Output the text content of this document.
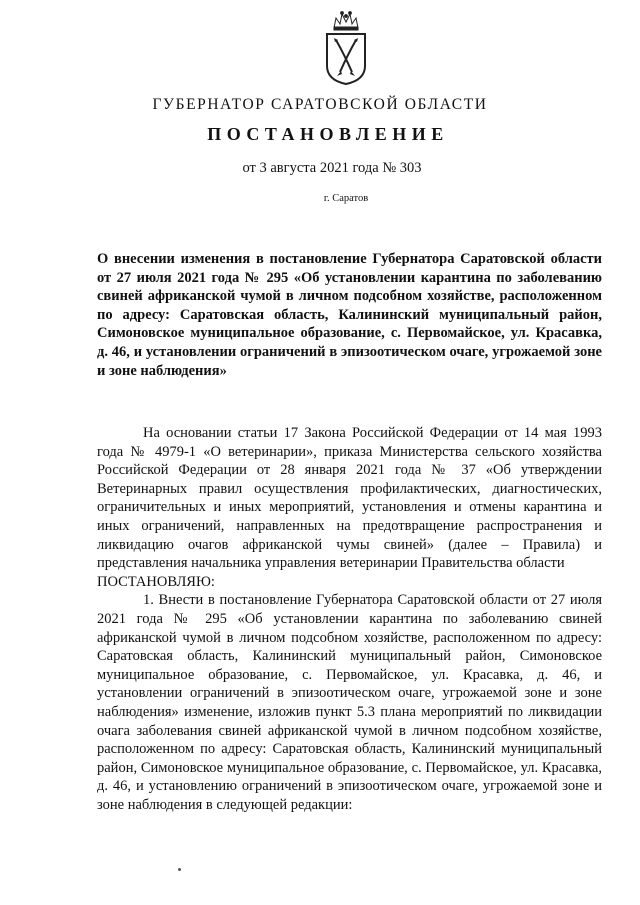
ГУБЕРНАТОР САРАТОВСКОЙ ОБЛАСТИ
ПОСТАНОВЛЕНИЕ
от 3 августа 2021 года № 303
г. Саратов
О внесении изменения в постановление Губернатора Саратовской области от 27 июля 2021 года № 295 «Об установлении карантина по заболеванию свиней африканской чумой в личном подсобном хозяйстве, расположенном по адресу: Саратовская область, Калининский муниципальный район, Симоновское муниципальное образование, с. Первомайское, ул. Красавка, д. 46, и установлении ограничений в эпизоотическом очаге, угрожаемой зоне и зоне наблюдения»

На основании статьи 17 Закона Российской Федерации от 14 мая 1993 года № 4979-1 «О ветеринарии», приказа Министерства сельского хозяйства Российской Федерации от 28 января 2021 года № 37 «Об утверждении Ветеринарных правил осуществления профилактических, диагностических, ограничительных и иных мероприятий, установления и отмены карантина и иных ограничений, направленных на предотвращение распространения и ликвидацию очагов африканской чумы свиней» (далее – Правила) и представления начальника управления ветеринарии Правительства области

ПОСТАНОВЛЯЮ:

1. Внести в постановление Губернатора Саратовской области от 27 июля 2021 года № 295 «Об установлении карантина по заболеванию свиней африканской чумой в личном подсобном хозяйстве, расположенном по адресу: Саратовская область, Калининский муниципальный район, Симоновское муниципальное образование, с. Первомайское, ул. Красавка, д. 46, и установлении ограничений в эпизоотическом очаге, угрожаемой зоне и зоне наблюдения» изменение, изложив пункт 5.3 плана мероприятий по ликвидации очага заболевания свиней африканской чумой в личном подсобном хозяйстве, расположенном по адресу: Саратовская область, Калининский муниципальный район, Симоновское муниципальное образование, с. Первомайское, ул. Красавка, д. 46, и установлению ограничений в эпизоотическом очаге, угрожаемой зоне и зоне наблюдения в следующей редакции:
